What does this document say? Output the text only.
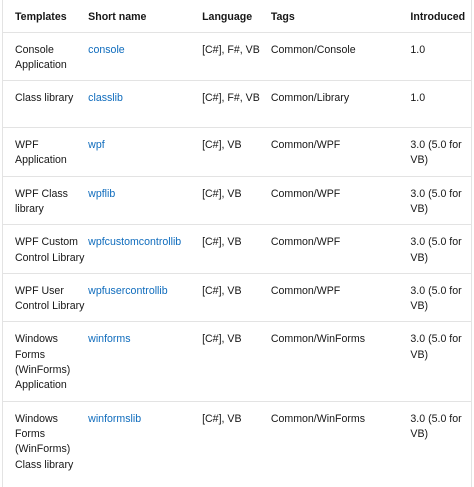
Templates	Short name	Language	Tags	Introduced
Console Application	console	[C#], F#, VB	Common/Console	1.0
Class library	classlib	[C#], F#, VB	Common/Library	1.0
WPF Application	wpf	[C#], VB	Common/WPF	3.0 (5.0 for VB)
WPF Class library	wpflib	[C#], VB	Common/WPF	3.0 (5.0 for VB)
WPF Custom Control Library	wpfcustomcontrollib	[C#], VB	Common/WPF	3.0 (5.0 for VB)
WPF User Control Library	wpfusercontrollib	[C#], VB	Common/WPF	3.0 (5.0 for VB)
Windows Forms (WinForms) Application	winforms	[C#], VB	Common/WinForms	3.0 (5.0 for VB)
Windows Forms (WinForms) Class library	winformslib	[C#], VB	Common/WinForms	3.0 (5.0 for VB)
